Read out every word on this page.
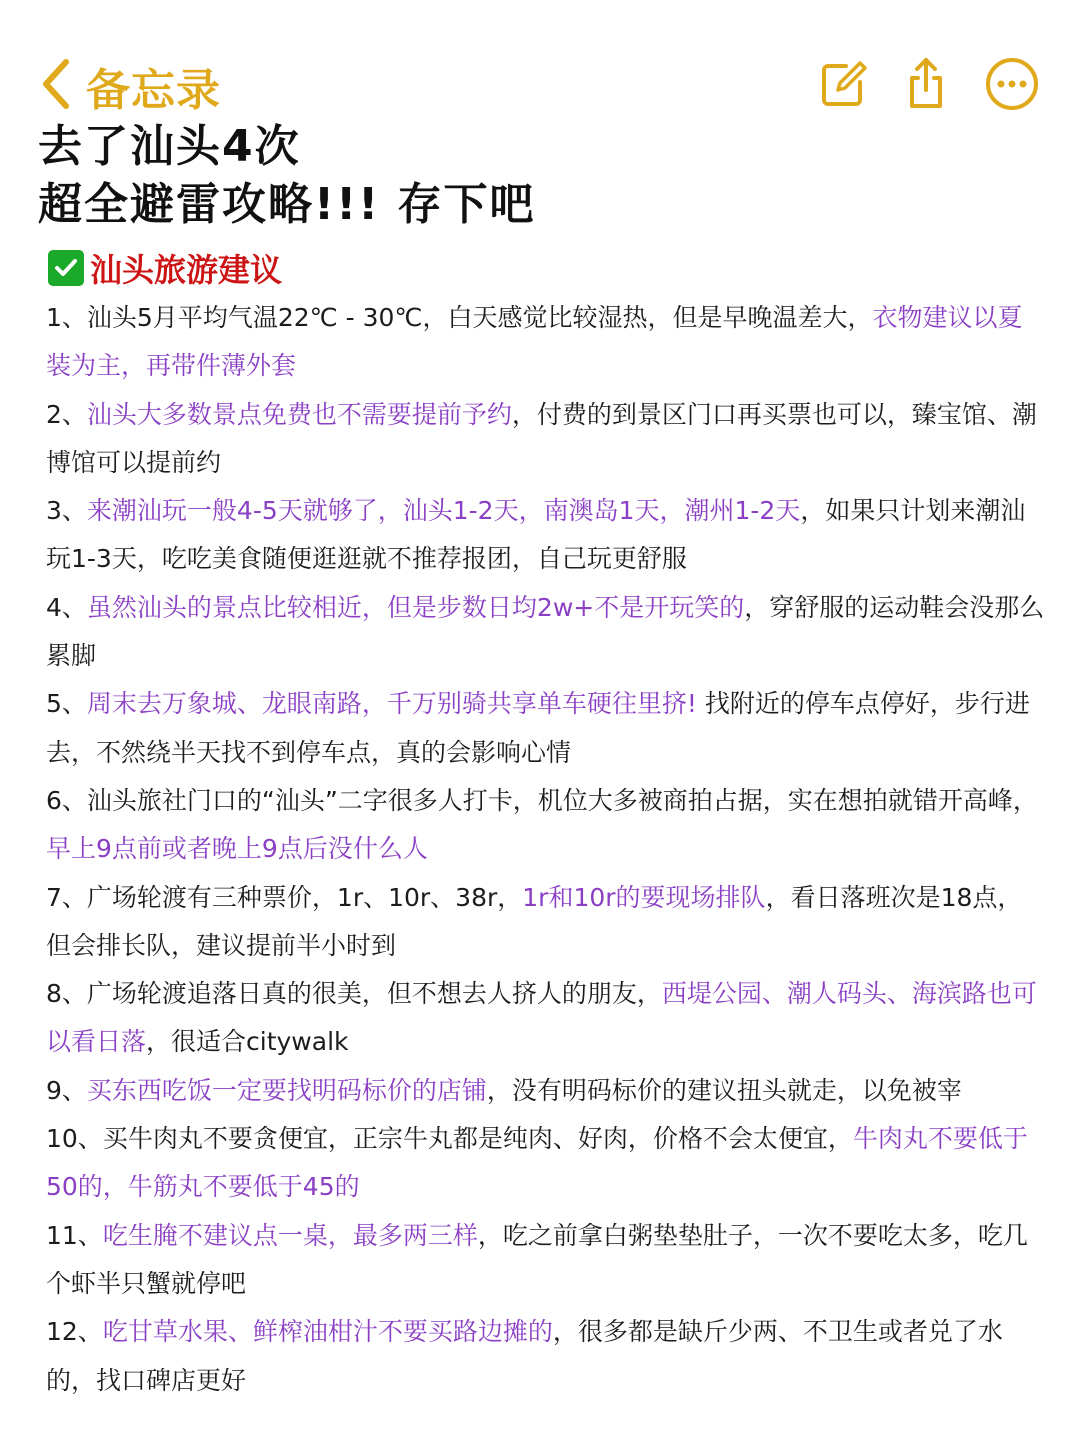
备忘录
去了汕头4次
超全避雷攻略!!! 存下吧
汕头旅游建议
1、汕头5月平均气温22℃ - 30℃，白天感觉比较湿热，但是早晚温差大，衣物建议以夏装为主，再带件薄外套
2、汕头大多数景点免费也不需要提前予约，付费的到景区门口再买票也可以，臻宝馆、潮博馆可以提前约
3、来潮汕玩一般4-5天就够了，汕头1-2天，南澳岛1天，潮州1-2天，如果只计划来潮汕玩1-3天，吃吃美食随便逛逛就不推荐报团，自己玩更舒服
4、虽然汕头的景点比较相近，但是步数日均2w+不是开玩笑的，穿舒服的运动鞋会没那么累脚
5、周末去万象城、龙眼南路，千万别骑共享单车硬往里挤! 找附近的停车点停好，步行进去，不然绕半天找不到停车点，真的会影响心情
6、汕头旅社门口的“汕头”二字很多人打卡，机位大多被商拍占据，实在想拍就错开高峰，早上9点前或者晚上9点后没什么人
7、广场轮渡有三种票价，1r、10r、38r，1r和10r的要现场排队，看日落班次是18点，但会排长队，建议提前半小时到
8、广场轮渡追落日真的很美，但不想去人挤人的朋友，西堤公园、潮人码头、海滨路也可以看日落，很适合citywalk
9、买东西吃饭一定要找明码标价的店铺，没有明码标价的建议扭头就走，以免被宰
10、买牛肉丸不要贪便宜，正宗牛丸都是纯肉、好肉，价格不会太便宜，牛肉丸不要低于50的，牛筋丸不要低于45的
11、吃生腌不建议点一桌，最多两三样，吃之前拿白粥垫垫肚子，一次不要吃太多，吃几个虾半只蟹就停吧
12、吃甘草水果、鲜榨油柑汁不要买路边摊的，很多都是缺斤少两、不卫生或者兑了水的，找口碑店更好
